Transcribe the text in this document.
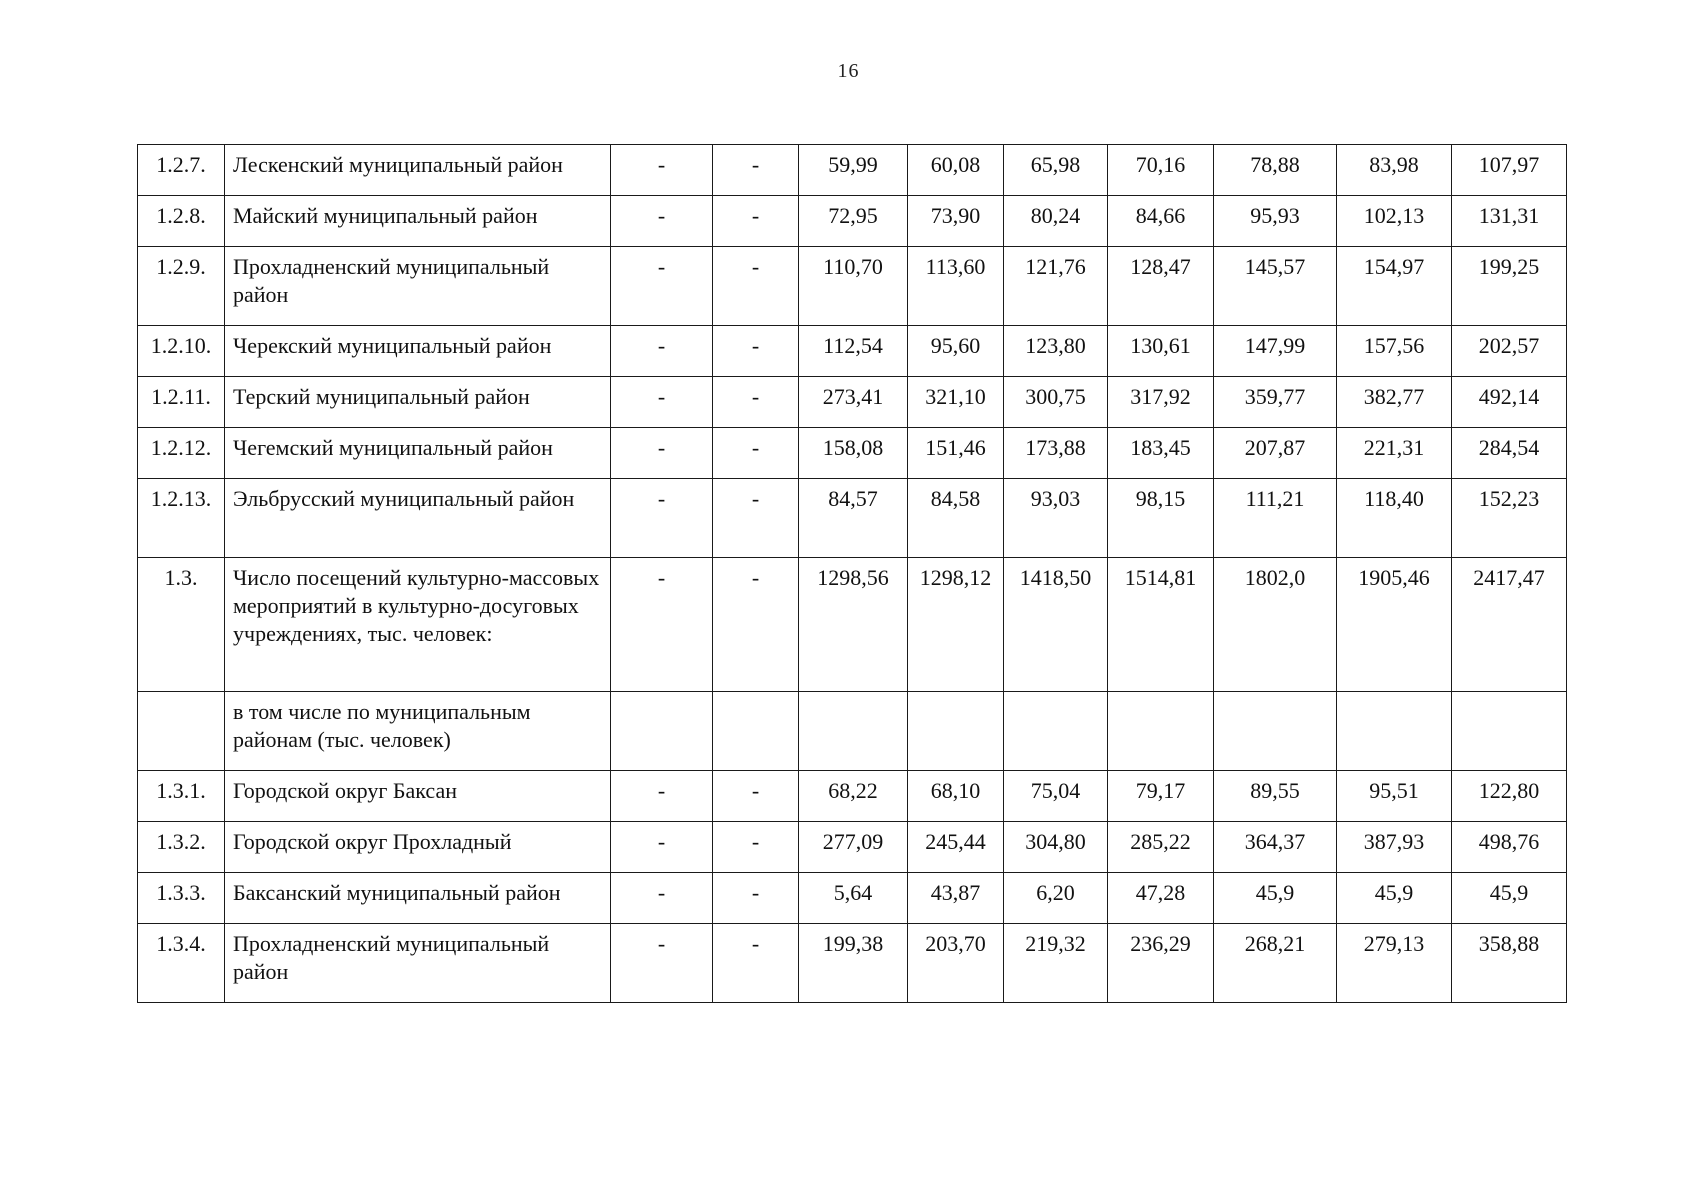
16
1.2.7.	Лескенский муниципальный район	-	-	59,99	60,08	65,98	70,16	78,88	83,98	107,97
1.2.8.	Майский муниципальный район	-	-	72,95	73,90	80,24	84,66	95,93	102,13	131,31
1.2.9.	Прохладненский муниципальный район	-	-	110,70	113,60	121,76	128,47	145,57	154,97	199,25
1.2.10.	Черекский муниципальный район	-	-	112,54	95,60	123,80	130,61	147,99	157,56	202,57
1.2.11.	Терский муниципальный район	-	-	273,41	321,10	300,75	317,92	359,77	382,77	492,14
1.2.12.	Чегемский муниципальный район	-	-	158,08	151,46	173,88	183,45	207,87	221,31	284,54
1.2.13.	Эльбрусский муниципальный район	-	-	84,57	84,58	93,03	98,15	111,21	118,40	152,23
1.3.	Число посещений культурно-массовых мероприятий в культурно-досуговых учреждениях, тыс. человек:	-	-	1298,56	1298,12	1418,50	1514,81	1802,0	1905,46	2417,47
	в том числе по муниципальным районам (тыс. человек)									
1.3.1.	Городской округ Баксан	-	-	68,22	68,10	75,04	79,17	89,55	95,51	122,80
1.3.2.	Городской округ Прохладный	-	-	277,09	245,44	304,80	285,22	364,37	387,93	498,76
1.3.3.	Баксанский муниципальный район	-	-	5,64	43,87	6,20	47,28	45,9	45,9	45,9
1.3.4.	Прохладненский муниципальный район	-	-	199,38	203,70	219,32	236,29	268,21	279,13	358,88
